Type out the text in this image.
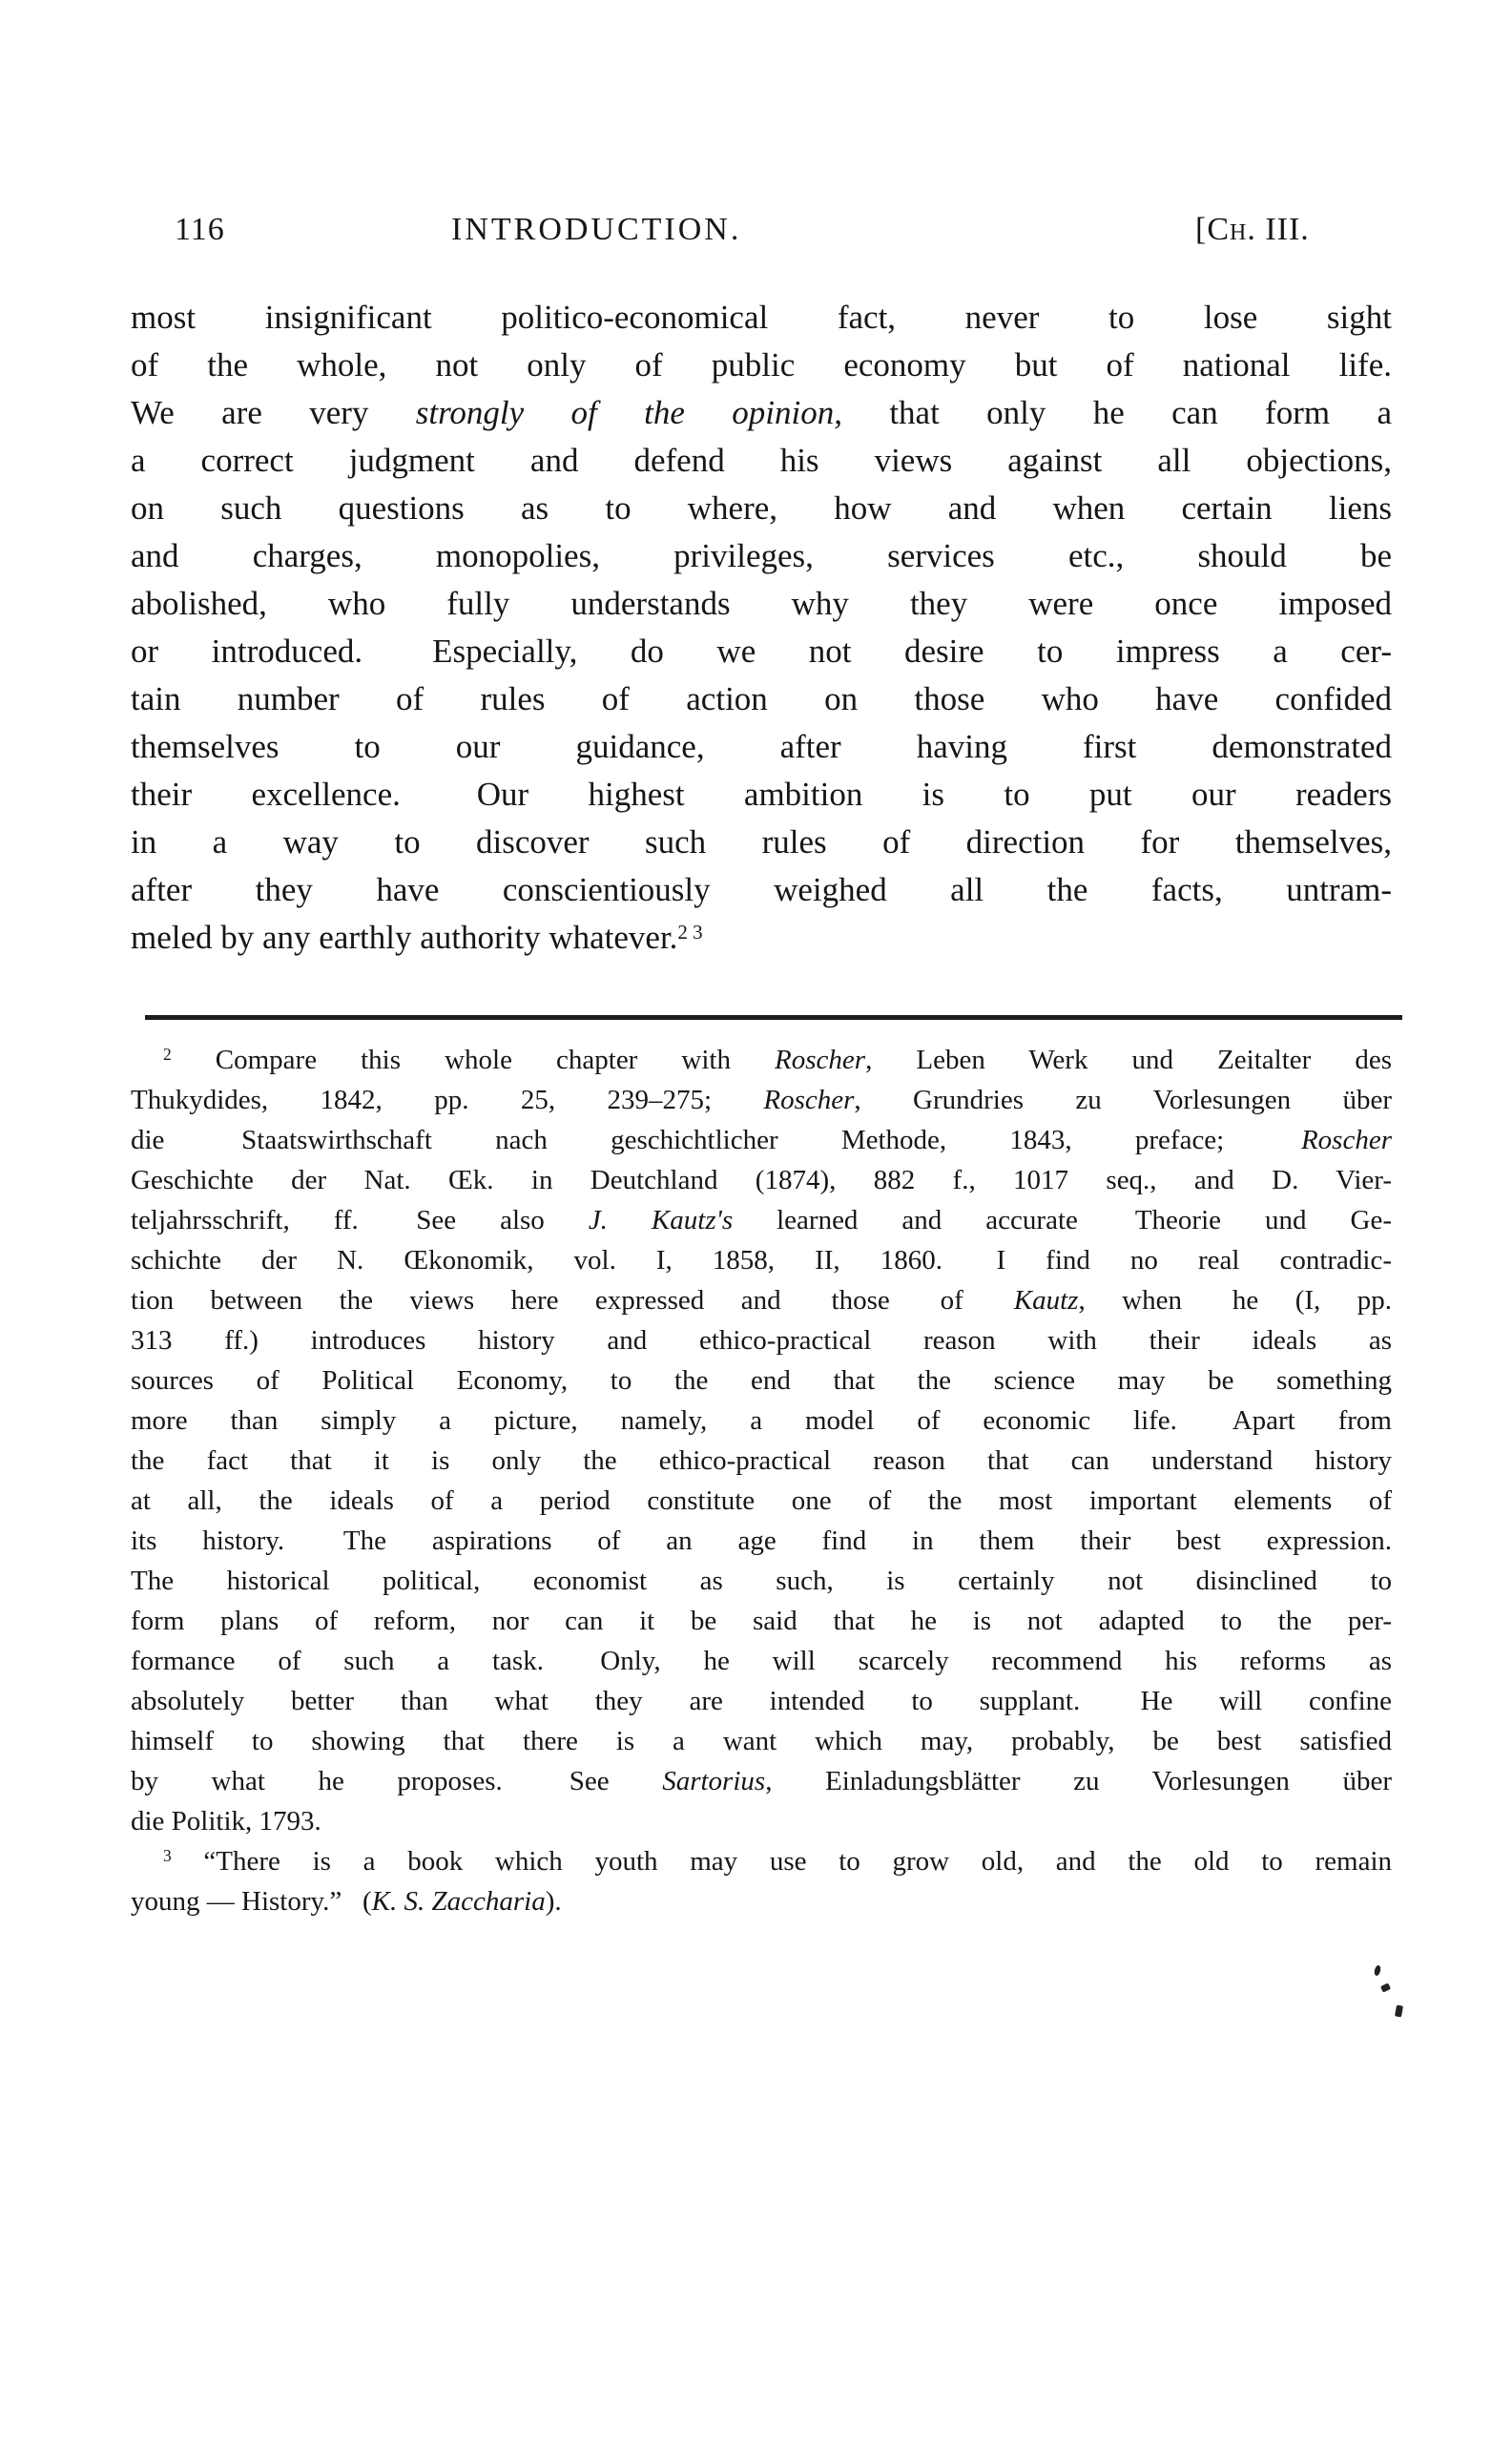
116	INTRODUCTION.	[Ch. III.
most insignificant politico-economical fact, never to lose sight
of the whole, not only of public economy but of national life.
We are very strongly of the opinion, that only he can form a
a correct judgment and defend his views against all objections,
on such questions as to where, how and when certain liens
and charges, monopolies, privileges, services etc., should be
abolished, who fully understands why they were once imposed
or introduced.  Especially, do we not desire to impress a cer-
tain number of rules of action on those who have confided
themselves to our guidance, after having first demonstrated
their excellence.  Our highest ambition is to put our readers
in a way to discover such rules of direction for themselves,
after they have conscientiously weighed all the facts, untram-
meled by any earthly authority whatever.$^{2 3}$
$^2$ Compare this whole chapter with Roscher, Leben Werk und Zeitalter des
Thukydides, 1842, pp. 25, 239–275; Roscher, Grundries zu Vorlesungen über
die  Staatswirthschaft nach geschichtlicher Methode, 1843, preface;  Roscher
Geschichte der Nat. Œk. in Deutchland (1874), 882 f., 1017 seq., and D. Vier-
teljahrsschrift, ff.  See also J. Kautz's learned and accurate  Theorie und Ge-
schichte der N. Œkonomik, vol. I, 1858, II, 1860.  I find no real contradic-
tion between the views here expressed and  those  of  Kautz, when  he (I, pp.
313 ff.) introduces history and ethico-practical reason with their ideals as
sources of Political Economy, to the end that the science may be something
more than simply a picture, namely, a model of economic life.  Apart from
the fact that it is only the ethico-practical reason that can understand history
at all, the ideals of a period constitute one of the most important elements of
its history.  The aspirations of an age find in them their best expression.
The historical political, economist as such, is certainly not disinclined to
form plans of reform, nor can it be said that he is not adapted to the per-
formance of such a task.  Only, he will scarcely recommend his reforms as
absolutely better than what they are intended to supplant.  He will confine
himself to showing that there is a want which may, probably, be best satisfied
by what he proposes.  See Sartorius, Einladungsblätter zu Vorlesungen über
die Politik, 1793.
$^3$ “There is a book which youth may use to grow old, and the old to remain
young — History.”  (K. S. Zaccharia).
